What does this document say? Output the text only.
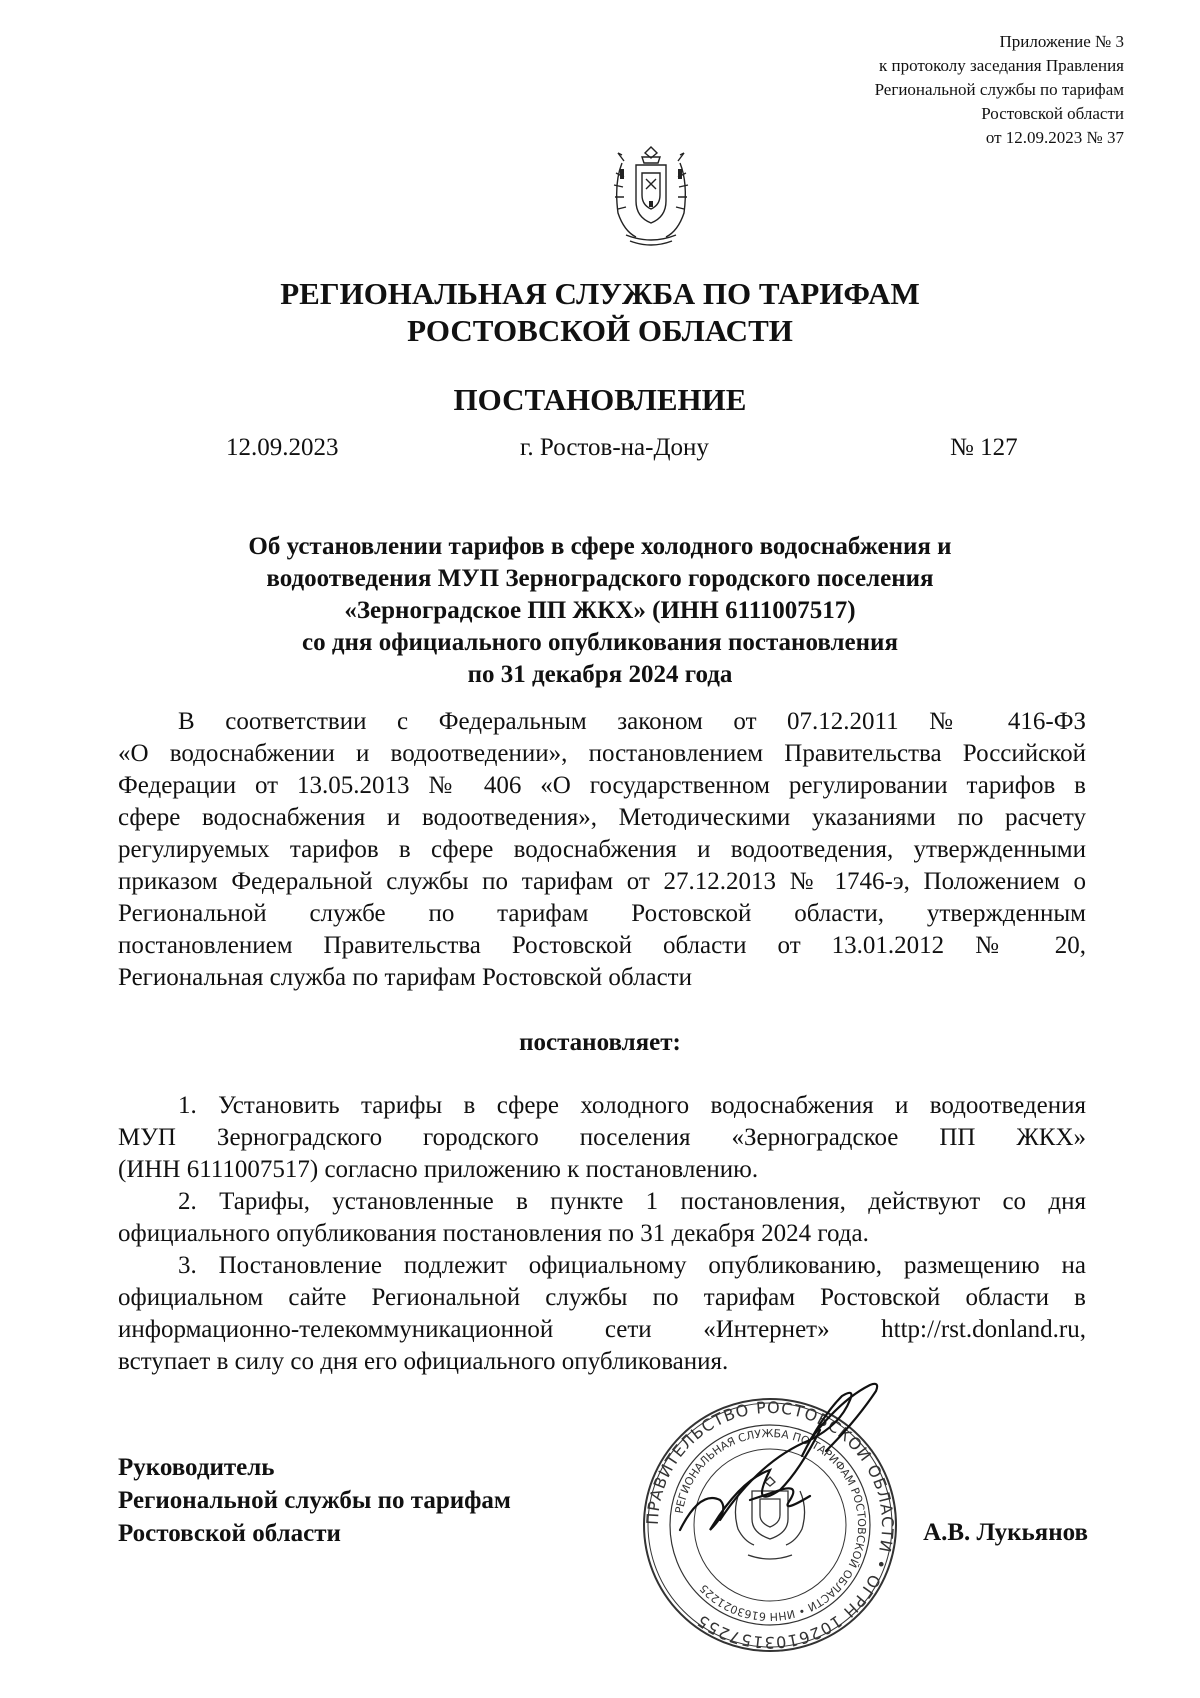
Приложение № 3
к протоколу заседания Правления
Региональной службы по тарифам
Ростовской области
от 12.09.2023 № 37
РЕГИОНАЛЬНАЯ СЛУЖБА ПО ТАРИФАМ
РОСТОВСКОЙ ОБЛАСТИ
ПОСТАНОВЛЕНИЕ
12.09.2023	г. Ростов-на-Дону	№ 127
Об установлении тарифов в сфере холодного водоснабжения и
водоотведения МУП Зерноградского городского поселения
«Зерноградское ПП ЖКХ» (ИНН 6111007517)
со дня официального опубликования постановления
по 31 декабря 2024 года
В соответствии с Федеральным законом от 07.12.2011 № 416-ФЗ
«О водоснабжении и водоотведении», постановлением Правительства Российской
Федерации от 13.05.2013 № 406 «О государственном регулировании тарифов в
сфере водоснабжения и водоотведения», Методическими указаниями по расчету
регулируемых тарифов в сфере водоснабжения и водоотведения, утвержденными
приказом Федеральной службы по тарифам от 27.12.2013 № 1746-э, Положением о
Региональной службе по тарифам Ростовской области, утвержденным
постановлением Правительства Ростовской области от 13.01.2012 № 20,
Региональная служба по тарифам Ростовской области
постановляет:
1. Установить тарифы в сфере холодного водоснабжения и водоотведения
МУП Зерноградского городского поселения «Зерноградское ПП ЖКХ»
(ИНН 6111007517) согласно приложению к постановлению.
2. Тарифы, установленные в пункте 1 постановления, действуют со дня
официального опубликования постановления по 31 декабря 2024 года.
3. Постановление подлежит официальному опубликованию, размещению на
официальном сайте Региональной службы по тарифам Ростовской области в
информационно-телекоммуникационной сети «Интернет» http://rst.donland.ru,
вступает в силу со дня его официального опубликования.
Руководитель
Региональной службы по тарифам
Ростовской области
ПРАВИТЕЛЬСТВО РОСТОВСКОЙ ОБЛАСТИ • ОГРН 1026103157255
РЕГИОНАЛЬНАЯ СЛУЖБА ПО ТАРИФАМ РОСТОВСКОЙ ОБЛАСТИ • ИНН 6163021225
А.В. Лукьянов
